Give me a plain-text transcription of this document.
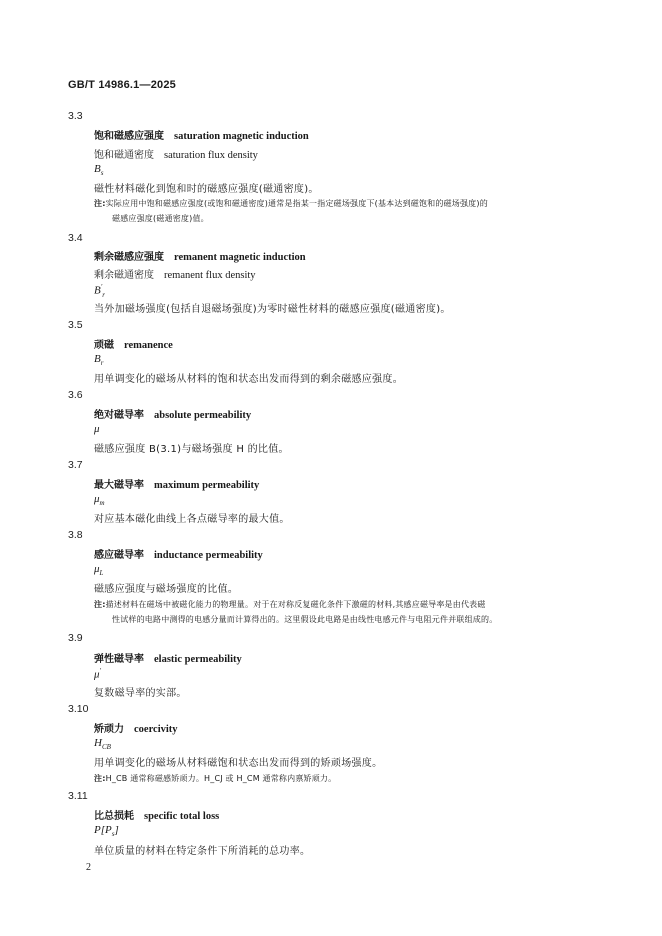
GB/T 14986.1—2025
3.3
饱和磁感应强度 saturation magnetic induction
饱和磁通密度 saturation flux density
$B_s$
磁性材料磁化到饱和时的磁感应强度(磁通密度)。
注:实际应用中饱和磁感应强度(或饱和磁通密度)通常是指某一指定磁场强度下(基本达到磁饱和的磁场强度)的
磁感应强度(磁通密度)值。
3.4
剩余磁感应强度 remanent magnetic induction
剩余磁通密度 remanent flux density
$B'_r$
当外加磁场强度(包括自退磁场强度)为零时磁性材料的磁感应强度(磁通密度)。
3.5
顽磁 remanence
$B_r$
用单调变化的磁场从材料的饱和状态出发而得到的剩余磁感应强度。
3.6
绝对磁导率 absolute permeability
μ
磁感应强度 B(3.1)与磁场强度 H 的比值。
3.7
最大磁导率 maximum permeability
$\mu_m$
对应基本磁化曲线上各点磁导率的最大值。
3.8
感应磁导率 inductance permeability
$\mu_L$
磁感应强度与磁场强度的比值。
注:描述材料在磁场中被磁化能力的物理量。对于在对称反复磁化条件下激磁的材料,其感应磁导率是由代表磁
性试样的电路中测得的电感分量而计算得出的。这里假设此电路是由线性电感元件与电阻元件并联组成的。
3.9
弹性磁导率 elastic permeability
μ′
复数磁导率的实部。
3.10
矫顽力 coercivity
$H_{CB}$
用单调变化的磁场从材料磁饱和状态出发而得到的矫顽场强度。
注:H_CB 通常称磁感矫顽力。H_CJ 或 H_CM 通常称内禀矫顽力。
3.11
比总损耗 specific total loss
$P[P_s]$
单位质量的材料在特定条件下所消耗的总功率。
2
